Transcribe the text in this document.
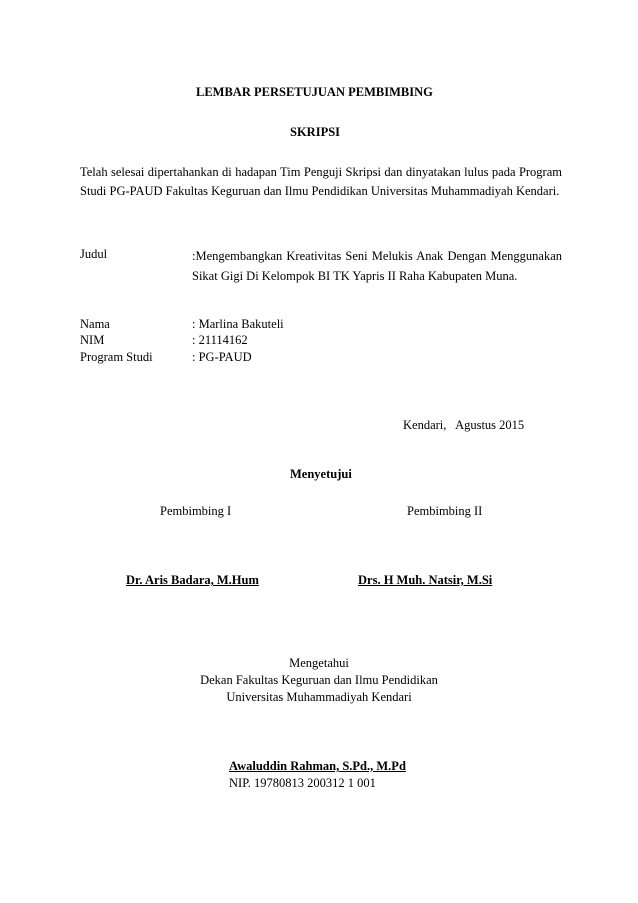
LEMBAR PERSETUJUAN PEMBIMBING
SKRIPSI
Telah selesai dipertahankan di hadapan Tim Penguji Skripsi dan dinyatakan lulus pada Program Studi PG-PAUD Fakultas Keguruan dan Ilmu Pendidikan Universitas Muhammadiyah Kendari.
Judul	:Mengembangkan Kreativitas Seni Melukis Anak Dengan Menggunakan Sikat Gigi Di Kelompok BI TK Yapris II Raha Kabupaten Muna.
Nama	: Marlina Bakuteli
NIM	: 21114162
Program Studi	: PG-PAUD
Kendari,   Agustus 2015
Menyetujui
Pembimbing I	Pembimbing II
Dr. Aris Badara, M.Hum	Drs. H Muh. Natsir, M.Si
Mengetahui
Dekan Fakultas Keguruan dan Ilmu Pendidikan
Universitas Muhammadiyah Kendari
Awaluddin Rahman, S.Pd., M.Pd
NIP. 19780813 200312 1 001
